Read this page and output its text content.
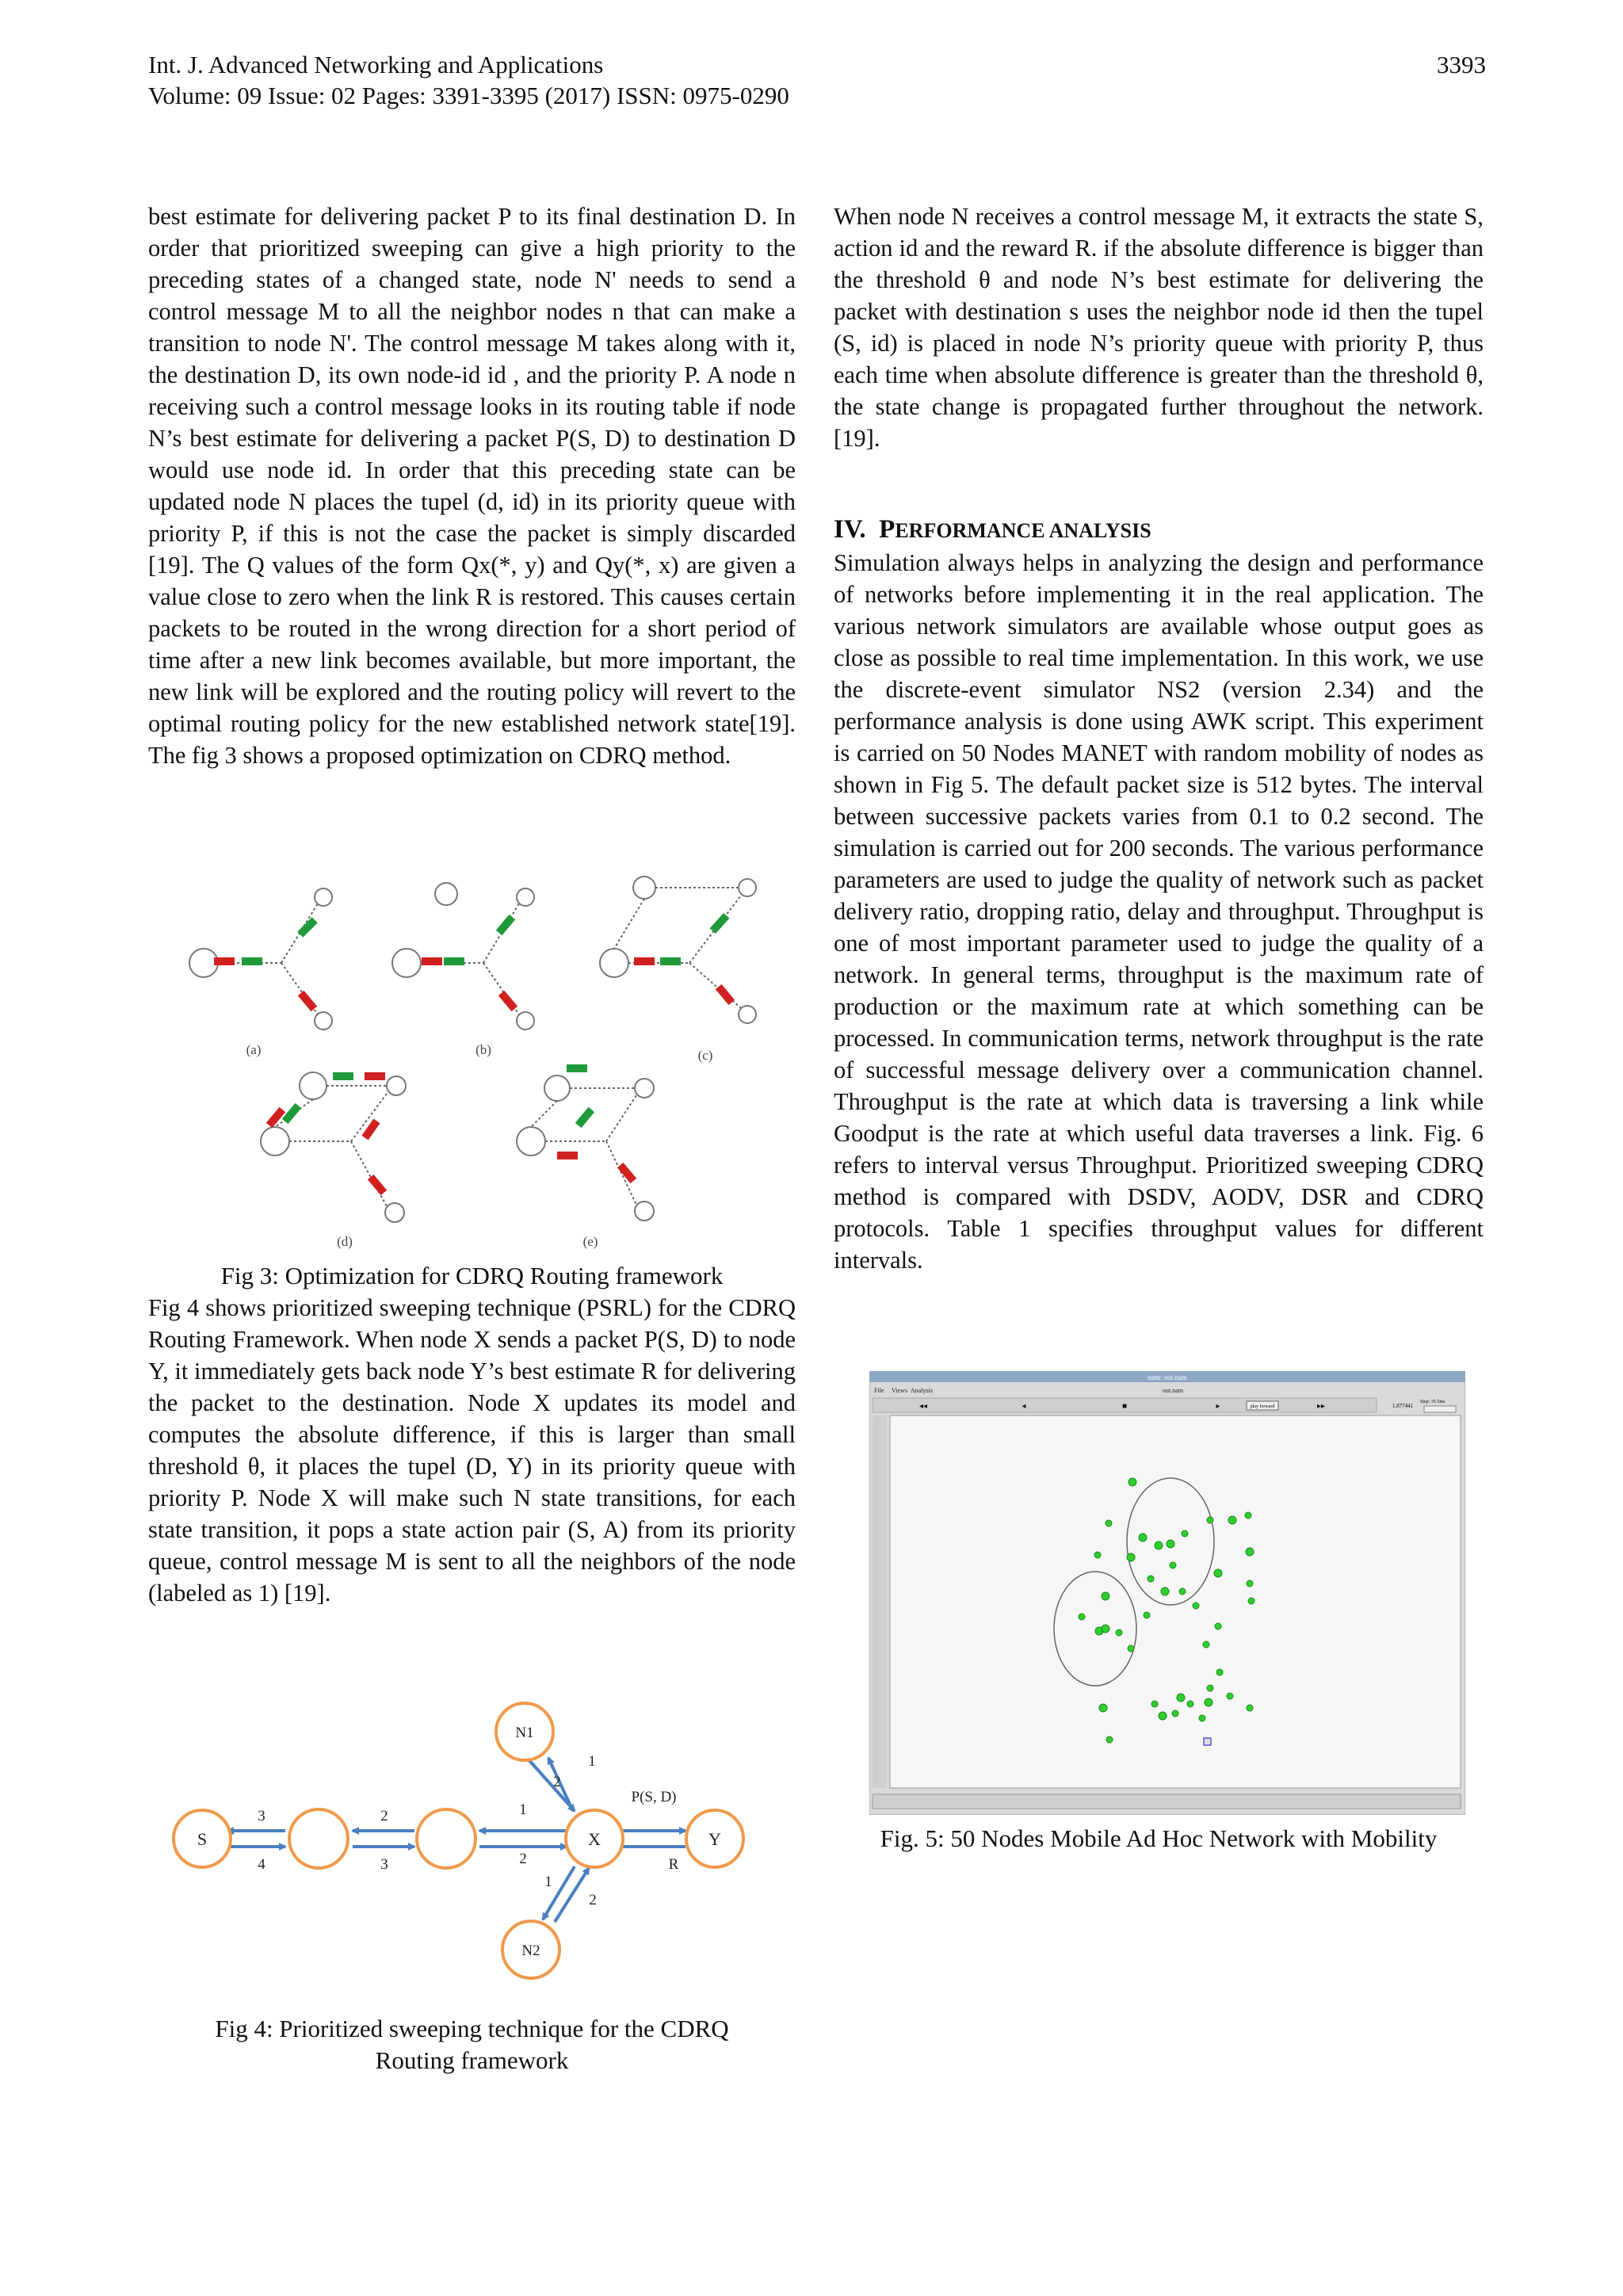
Int. J. Advanced Networking and Applications
Volume: 09 Issue: 02 Pages: 3391-3395 (2017) ISSN: 0975-0290
3393

best estimate for delivering packet P to its final destination D. In order that prioritized sweeping can give a high priority to the preceding states of a changed state, node N' needs to send a control message M to all the neighbor nodes n that can make a transition to node N'. The control message M takes along with it, the destination D, its own node-id id , and the priority P. A node n receiving such a control message looks in its routing table if node N’s best estimate for delivering a packet P(S, D) to destination D would use node id. In order that this preceding state can be updated node N places the tupel (d, id) in its priority queue with priority P, if this is not the case the packet is simply discarded [19]. The Q values of the form Qx(*, y) and Qy(*, x) are given a value close to zero when the link R is restored. This causes certain packets to be routed in the wrong direction for a short period of time after a new link becomes available, but more important, the new link will be explored and the routing policy will revert to the optimal routing policy for the new established network state[19]. The fig 3 shows a proposed optimization on CDRQ method.

(a)	(b)	(c)
(d)	(e)
Fig 3: Optimization for CDRQ Routing framework

Fig 4 shows prioritized sweeping technique (PSRL) for the CDRQ Routing Framework. When node X sends a packet P(S, D) to node Y, it immediately gets back node Y’s best estimate R for delivering the packet to the destination. Node X updates its model and computes the absolute difference, if this is larger than small threshold θ, it places the tupel (D, Y) in its priority queue with priority P. Node X will make such N state transitions, for each state transition, it pops a state action pair (S, A) from its priority queue, control message M is sent to all the neighbors of the node (labeled as 1) [19].

S	X	Y
N1
N2
3
4
2
3
1
2
2
1
1
2
P(S, D)
R
Fig 4: Prioritized sweeping technique for the CDRQ
Routing framework

When node N receives a control message M, it extracts the state S, action id and the reward R. if the absolute difference is bigger than the threshold θ and node N’s best estimate for delivering the packet with destination s uses the neighbor node id then the tupel (S, id) is placed in node N’s priority queue with priority P, thus each time when absolute difference is greater than the threshold θ, the state change is propagated further throughout the network. [19].

IV. PERFORMANCE ANALYSIS

Simulation always helps in analyzing the design and performance of networks before implementing it in the real application. The various network simulators are available whose output goes as close as possible to real time implementation. In this work, we use the discrete-event simulator NS2 (version 2.34) and the performance analysis is done using AWK script. This experiment is carried on 50 Nodes MANET with random mobility of nodes as shown in Fig 5. The default packet size is 512 bytes. The interval between successive packets varies from 0.1 to 0.2 second. The simulation is carried out for 200 seconds. The various performance parameters are used to judge the quality of network such as packet delivery ratio, dropping ratio, delay and throughput. Throughput is one of most important parameter used to judge the quality of a network. In general terms, throughput is the maximum rate of production or the maximum rate at which something can be processed. In communication terms, network throughput is the rate of successful message delivery over a communication channel. Throughput is the rate at which data is traversing a link while Goodput is the rate at which useful data traverses a link. Fig. 6 refers to interval versus Throughput. Prioritized sweeping CDRQ method is compared with DSDV, AODV, DSR and CDRQ protocols. Table 1 specifies throughput values for different intervals.

nam: out.nam
File Views Analysis	out.nam
◂◂	◂	■	▸	▸▸
play forward	1.877441
Step: 35.5ms
Fig. 5: 50 Nodes Mobile Ad Hoc Network with Mobility
